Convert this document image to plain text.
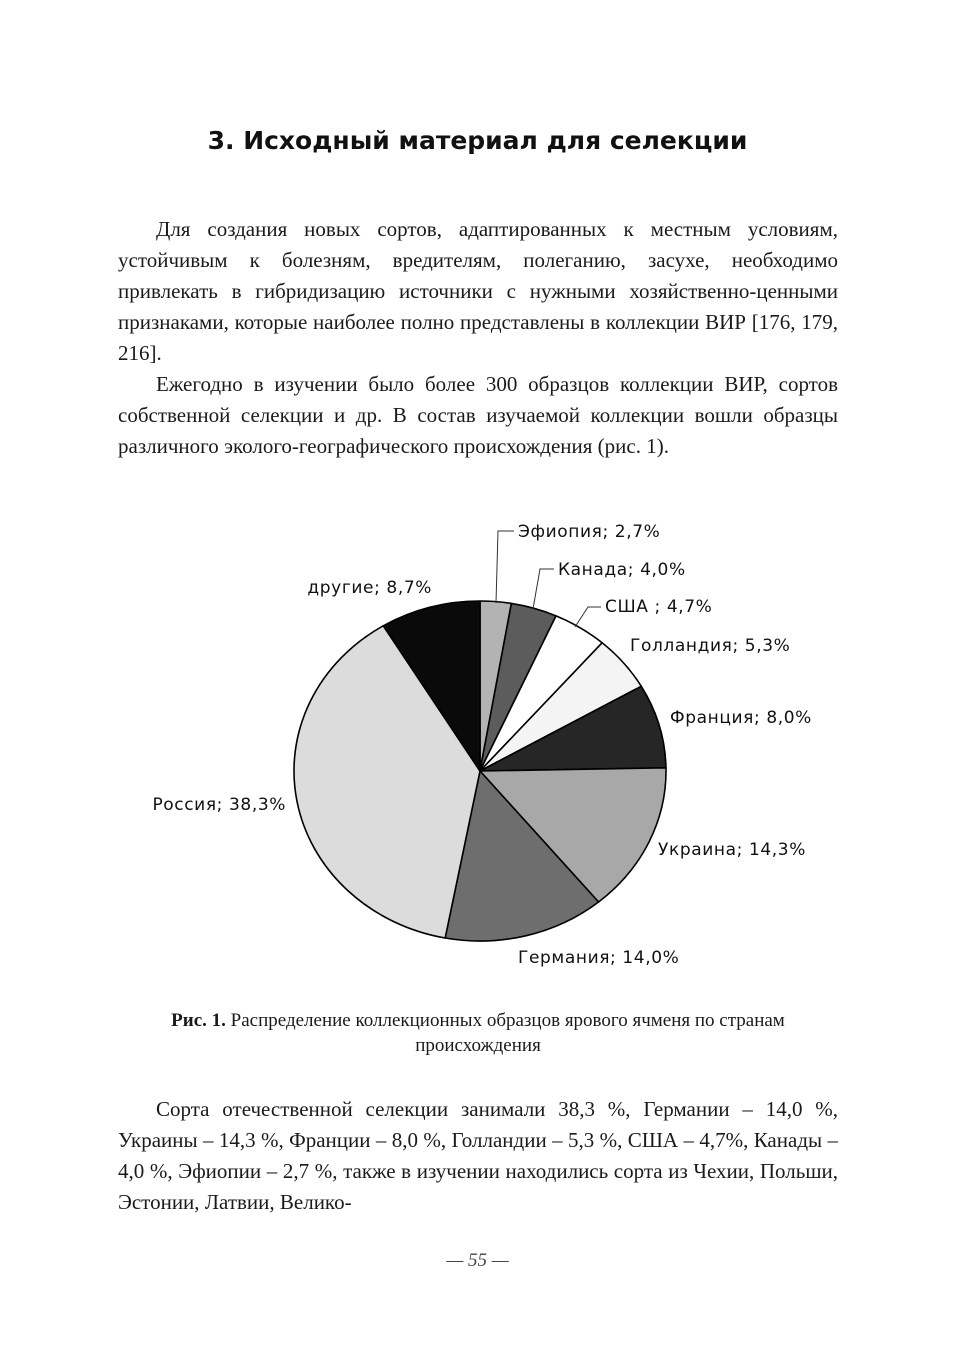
3. Исходный материал для селекции

Для создания новых сортов, адаптированных к местным условиям, устойчивым к болезням, вредителям, полеганию, засухе, необходимо привлекать в гибридизацию источники с нужными хозяйственно-ценными признаками, которые наиболее полно представлены в коллекции ВИР [176, 179, 216].

Ежегодно в изучении было более 300 образцов коллекции ВИР, сортов собственной селекции и др. В состав изучаемой коллекции вошли образцы различного эколого-географического происхождения (рис. 1).

Эфиопия; 2,7%
Канада; 4,0%
США ; 4,7%
Голландия; 5,3%
Франция; 8,0%
Украина; 14,3%
Германия; 14,0%
Россия; 38,3%
другие; 8,7%

Рис. 1. Распределение коллекционных образцов ярового ячменя по странам происхождения

Сорта отечественной селекции занимали 38,3 %, Германии – 14,0 %, Украины – 14,3 %, Франции – 8,0 %, Голландии – 5,3 %, США – 4,7%, Канады – 4,0 %, Эфиопии – 2,7 %, также в изучении находились сорта из Чехии, Польши, Эстонии, Латвии, Велико-

— 55 —
